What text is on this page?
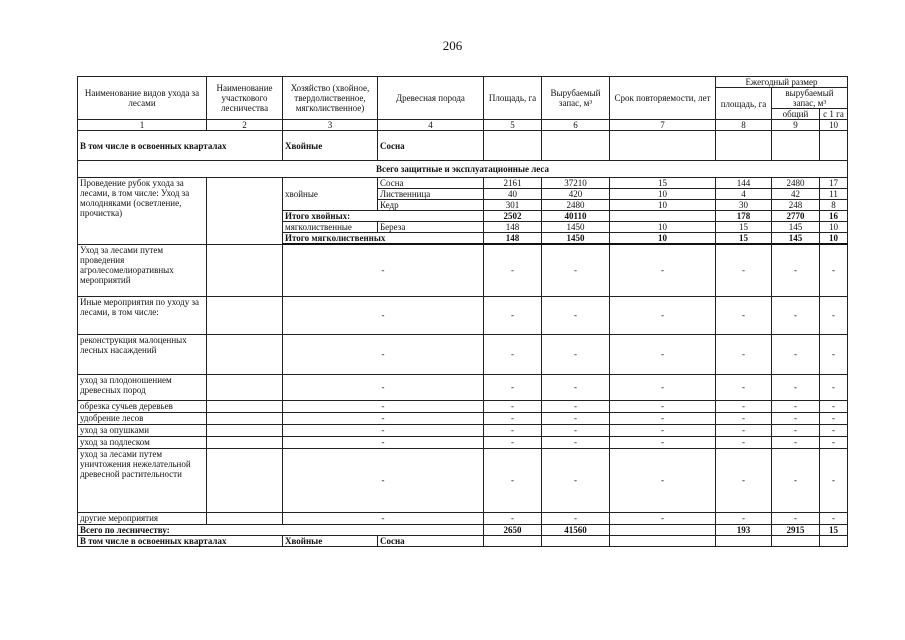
206
Наименование видов ухода за лесами	Наименование участкового лесничества	Хозяйство (хвойное, твердолиственное, мягколиственное)	Древесная порода	Площадь, га	Вырубаемый запас, м³	Срок повторяемости, лет	Ежегодный размер		
							площадь, га	вырубаемый запас, м³	
								общий	с 1 га
1	2	3	4	5	6	7	8	9	10
В том числе в освоенных кварталах		Хвойные	Сосна						
Всего защитные и эксплуатационные леса									
Проведение рубок ухода за лесами, в том числе: Уход за молодняками (осветление, прочистка)		хвойные	Сосна	2161	37210	15	144	2480	17
			Лиственница	40	420	10	4	42	11
			Кедр	301	2480	10	30	248	8
		Итого хвойных:		2502	40110		178	2770	16
		мягколиственные	Береза	148	1450	10	15	145	10
		Итого мягколиственных		148	1450	10	15	145	10
Уход за лесами путем проведения агролесомелиоративных мероприятий		-		-	-	-	-	-	-
Иные мероприятия по уходу за лесами, в том числе:		-		-	-	-	-	-	-
реконструкция малоценных лесных насаждений		-		-	-	-	-	-	-
уход за плодоношением древесных пород		-		-	-	-	-	-	-
обрезка сучьев деревьев		-		-	-	-	-	-	-
удобрение лесов		-		-	-	-	-	-	-
уход за опушками		-		-	-	-	-	-	-
уход за подлеском		-		-	-	-	-	-	-
уход за лесами путем уничтожения нежелательной древесной растительности		-		-	-	-	-	-	-
другие мероприятия		-		-	-	-	-	-	-
Всего по лесничеству:				2650	41560		193	2915	15
В том числе в освоенных кварталах		Хвойные	Сосна						
